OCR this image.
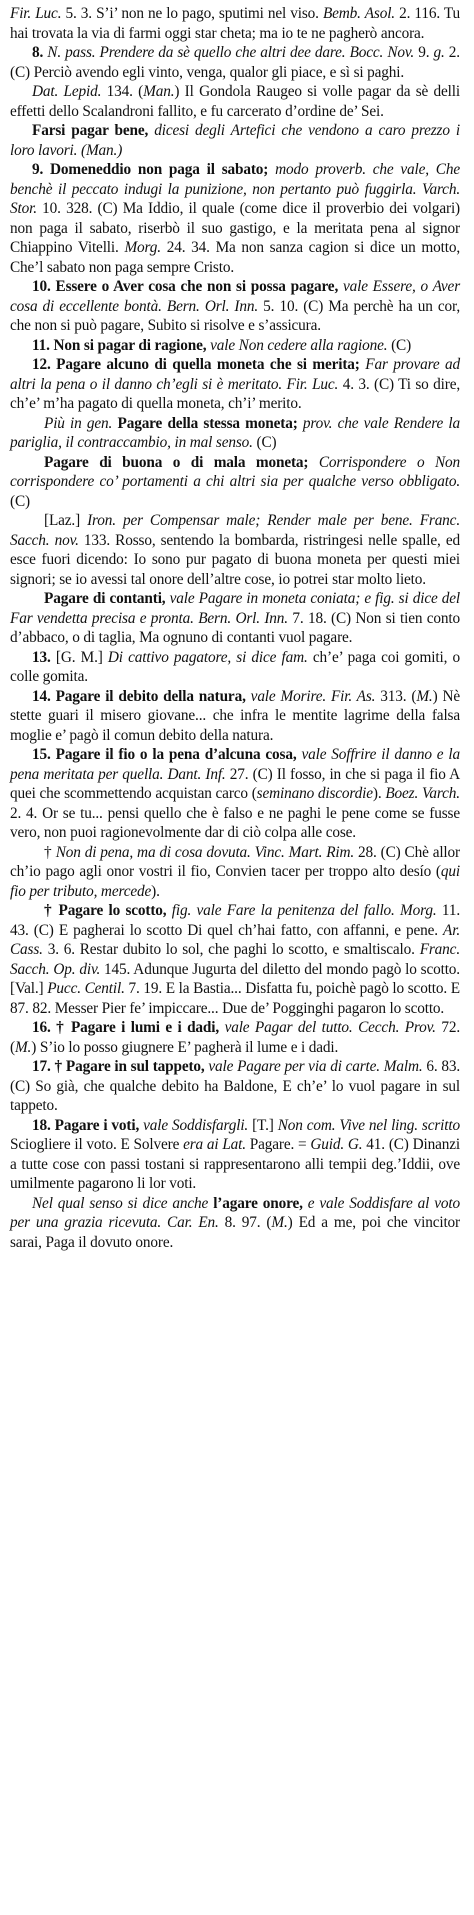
Fir. Luc. 5. 3. S’i’ non ne lo pago, sputimi nel viso. Bemb. Asol. 2. 116. Tu hai trovata la via di farmi oggi star cheta; ma io te ne pagherò ancora.

8. N. pass. Prendere da sè quello che altri dee dare. Bocc. Nov. 9. g. 2. (C) Perciò avendo egli vinto, venga, qualor gli piace, e sì si paghi.

Dat. Lepid. 134. (Man.) Il Gondola Raugeo si volle pagar da sè delli effetti dello Scalandroni fallito, e fu carcerato d’ordine de’ Sei.

Farsi pagar bene, dicesi degli Artefici che vendono a caro prezzo i loro lavori. (Man.)

9. Domeneddio non paga il sabato; modo proverb. che vale, Che benchè il peccato indugi la punizione, non pertanto può fuggirla. Varch. Stor. 10. 328. (C) Ma Iddio, il quale (come dice il proverbio dei volgari) non paga il sabato, riserbò il suo gastigo, e la meritata pena al signor Chiappino Vitelli. Morg. 24. 34. Ma non sanza cagion si dice un motto, Che’l sabato non paga sempre Cristo.

10. Essere o Aver cosa che non si possa pagare, vale Essere, o Aver cosa di eccellente bontà. Bern. Orl. Inn. 5. 10. (C) Ma perchè ha un cor, che non si può pagare, Subito si risolve e s’assicura.

11. Non si pagar di ragione, vale Non cedere alla ragione. (C)

12. Pagare alcuno di quella moneta che si merita; Far provare ad altri la pena o il danno ch’egli si è meritato. Fir. Luc. 4. 3. (C) Ti so dire, ch’e’ m’ha pagato di quella moneta, ch’i’ merito.

Più in gen. Pagare della stessa moneta; prov. che vale Rendere la pariglia, il contraccambio, in mal senso. (C)

Pagare di buona o di mala moneta; Corrispondere o Non corrispondere co’ portamenti a chi altri sia per qualche verso obbligato. (C)

[Laz.] Iron. per Compensar male; Render male per bene. Franc. Sacch. nov. 133. Rosso, sentendo la bombarda, ristringesi nelle spalle, ed esce fuori dicendo: Io sono pur pagato di buona moneta per questi miei signori; se io avessi tal onore dell’altre cose, io potrei star molto lieto.

Pagare di contanti, vale Pagare in moneta coniata; e fig. si dice del Far vendetta precisa e pronta. Bern. Orl. Inn. 7. 18. (C) Non si tien conto d’abbaco, o di taglia, Ma ognuno di contanti vuol pagare.

13. [G. M.] Di cattivo pagatore, si dice fam. ch’e’ paga coi gomiti, o colle gomita.

14. Pagare il debito della natura, vale Morire. Fir. As. 313. (M.) Nè stette guari il misero giovane... che infra le mentite lagrime della falsa moglie e’ pagò il comun debito della natura.

15. Pagare il fio o la pena d’alcuna cosa, vale Soffrire il danno e la pena meritata per quella. Dant. Inf. 27. (C) Il fosso, in che si paga il fio A quei che scommettendo acquistan carco (seminano discordie). Boez. Varch. 2. 4. Or se tu... pensi quello che è falso e ne paghi le pene come se fusse vero, non puoi ragionevolmente dar di ciò colpa alle cose.

† Non di pena, ma di cosa dovuta. Vinc. Mart. Rim. 28. (C) Chè allor ch’io pago agli onor vostri il fio, Convien tacer per troppo alto desío (qui fio per tributo, mercede).

† Pagare lo scotto, fig. vale Fare la penitenza del fallo. Morg. 11. 43. (C) E pagherai lo scotto Di quel ch’hai fatto, con affanni, e pene. Ar. Cass. 3. 6. Restar dubito lo sol, che paghi lo scotto, e smaltiscalo. Franc. Sacch. Op. div. 145. Adunque Jugurta del diletto del mondo pagò lo scotto. [Val.] Pucc. Centil. 7. 19. E la Bastia... Disfatta fu, poichè pagò lo scotto. E 87. 82. Messer Pier fe’ impiccare... Due de’ Pogginghi pagaron lo scotto.

16. † Pagare i lumi e i dadi, vale Pagar del tutto. Cecch. Prov. 72. (M.) S’io lo posso giugnere E’ pagherà il lume e i dadi.

17. † Pagare in sul tappeto, vale Pagare per via di carte. Malm. 6. 83. (C) So già, che qualche debito ha Baldone, E ch’e’ lo vuol pagare in sul tappeto.

18. Pagare i voti, vale Soddisfargli. [T.] Non com. Vive nel ling. scritto Sciogliere il voto. E Solvere era ai Lat. Pagare. = Guid. G. 41. (C) Dinanzi a tutte cose con passi tostani si rappresentarono alli tempii deg.’Iddii, ove umilmente pagarono li lor voti.

Nel qual senso si dice anche l’agare onore, e vale Soddisfare al voto per una grazia ricevuta. Car. En. 8. 97. (M.) Ed a me, poi che vincitor sarai, Paga il dovuto onore.
